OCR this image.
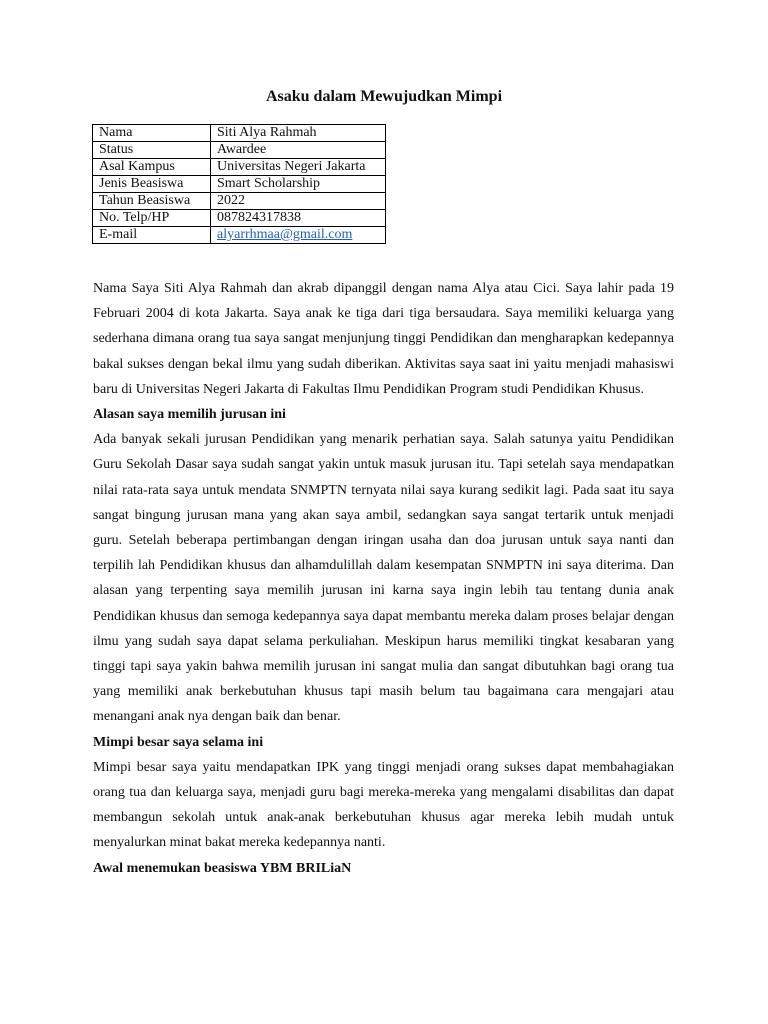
Asaku dalam Mewujudkan Mimpi
Nama	Siti Alya Rahmah
Status	Awardee
Asal Kampus	Universitas Negeri Jakarta
Jenis Beasiswa	Smart Scholarship
Tahun Beasiswa	2022
No. Telp/HP	087824317838
E-mail	alyarrhmaa@gmail.com

Nama Saya Siti Alya Rahmah dan akrab dipanggil dengan nama Alya atau Cici. Saya lahir pada 19 Februari 2004 di kota Jakarta. Saya anak ke tiga dari tiga bersaudara. Saya memiliki keluarga yang sederhana dimana orang tua saya sangat menjunjung tinggi Pendidikan dan mengharapkan kedepannya bakal sukses dengan bekal ilmu yang sudah diberikan. Aktivitas saya saat ini yaitu menjadi mahasiswi baru di Universitas Negeri Jakarta di Fakultas Ilmu Pendidikan Program studi Pendidikan Khusus.

Alasan saya memilih jurusan ini

Ada banyak sekali jurusan Pendidikan yang menarik perhatian saya. Salah satunya yaitu Pendidikan Guru Sekolah Dasar saya sudah sangat yakin untuk masuk jurusan itu. Tapi setelah saya mendapatkan nilai rata-rata saya untuk mendata SNMPTN ternyata nilai saya kurang sedikit lagi. Pada saat itu saya sangat bingung jurusan mana yang akan saya ambil, sedangkan saya sangat tertarik untuk menjadi guru. Setelah beberapa pertimbangan dengan iringan usaha dan doa jurusan untuk saya nanti dan terpilih lah Pendidikan khusus dan alhamdulillah dalam kesempatan SNMPTN ini saya diterima. Dan alasan yang terpenting saya memilih jurusan ini karna saya ingin lebih tau tentang dunia anak Pendidikan khusus dan semoga kedepannya saya dapat membantu mereka dalam proses belajar dengan ilmu yang sudah saya dapat selama perkuliahan. Meskipun harus memiliki tingkat kesabaran yang tinggi tapi saya yakin bahwa memilih jurusan ini sangat mulia dan sangat dibutuhkan bagi orang tua yang memiliki anak berkebutuhan khusus tapi masih belum tau bagaimana cara mengajari atau menangani anak nya dengan baik dan benar.

Mimpi besar saya selama ini

Mimpi besar saya yaitu mendapatkan IPK yang tinggi menjadi orang sukses dapat membahagiakan orang tua dan keluarga saya, menjadi guru bagi mereka-mereka yang mengalami disabilitas dan dapat membangun sekolah untuk anak-anak berkebutuhan khusus agar mereka lebih mudah untuk menyalurkan minat bakat mereka kedepannya nanti.

Awal menemukan beasiswa YBM BRILiaN
